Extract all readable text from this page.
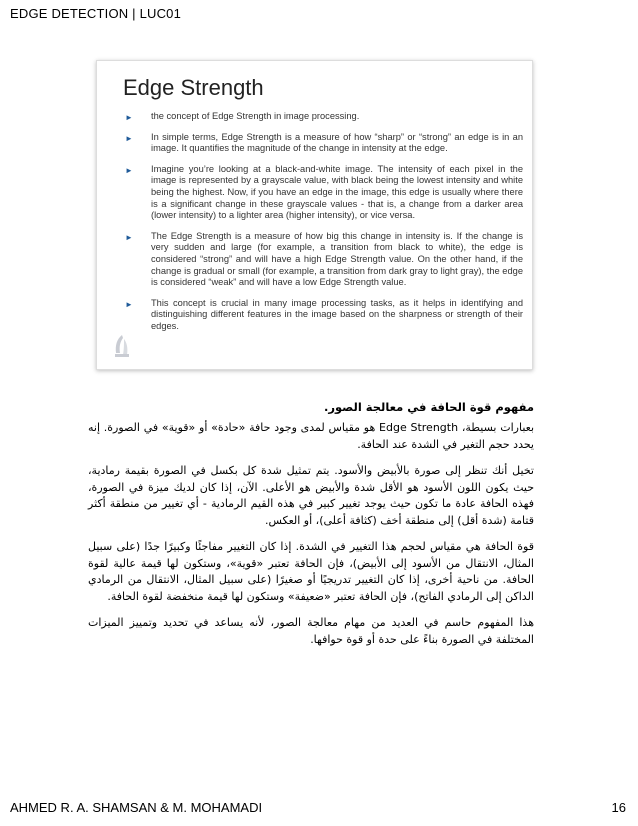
EDGE DETECTION | LUC01
Edge Strength
► the concept of Edge Strength in image processing.
► In simple terms, Edge Strength is a measure of how “sharp” or “strong” an edge is in an image. It quantifies the magnitude of the change in intensity at the edge.
► Imagine you’re looking at a black-and-white image. The intensity of each pixel in the image is represented by a grayscale value, with black being the lowest intensity and white being the highest. Now, if you have an edge in the image, this edge is usually where there is a significant change in these grayscale values - that is, a change from a darker area (lower intensity) to a lighter area (higher intensity), or vice versa.
► The Edge Strength is a measure of how big this change in intensity is. If the change is very sudden and large (for example, a transition from black to white), the edge is considered “strong” and will have a high Edge Strength value. On the other hand, if the change is gradual or small (for example, a transition from dark gray to light gray), the edge is considered “weak” and will have a low Edge Strength value.
► This concept is crucial in many image processing tasks, as it helps in identifying and distinguishing different features in the image based on the sharpness or strength of their edges.
مفهوم قوة الحافة في معالجة الصور.

بعبارات بسيطة، Edge Strength هو مقياس لمدى وجود حافة «حادة» أو «قوية» في الصورة. إنه يحدد حجم التغير في الشدة عند الحافة.

تخيل أنك تنظر إلى صورة بالأبيض والأسود. يتم تمثيل شدة كل بكسل في الصورة بقيمة رمادية، حيث يكون اللون الأسود هو الأقل شدة والأبيض هو الأعلى. الآن، إذا كان لديك ميزة في الصورة، فهذه الحافة عادة ما تكون حيث يوجد تغيير كبير في هذه القيم الرمادية - أي تغيير من منطقة أكثر قتامة (شدة أقل) إلى منطقة أخف (كثافة أعلى)، أو العكس.

قوة الحافة هي مقياس لحجم هذا التغيير في الشدة. إذا كان التغيير مفاجئًا وكبيرًا جدًا (على سبيل المثال، الانتقال من الأسود إلى الأبيض)، فإن الحافة تعتبر «قوية»، وستكون لها قيمة عالية لقوة الحافة. من ناحية أخرى، إذا كان التغيير تدريجيًا أو صغيرًا (على سبيل المثال، الانتقال من الرمادي الداكن إلى الرمادي الفاتح)، فإن الحافة تعتبر «ضعيفة» وستكون لها قيمة منخفضة لقوة الحافة.

هذا المفهوم حاسم في العديد من مهام معالجة الصور، لأنه يساعد في تحديد وتمييز الميزات المختلفة في الصورة بناءً على حدة أو قوة حوافها.

AHMED R. A. SHAMSAN & M. MOHAMADI	16
